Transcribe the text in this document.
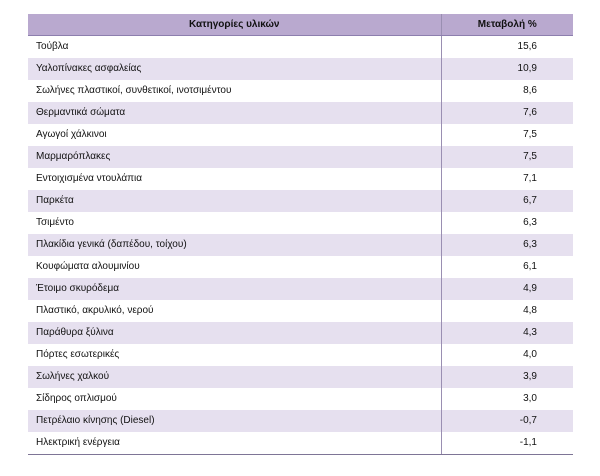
Κατηγορίες υλικών	Μεταβολή %
Τούβλα	15,6
Υαλοπίνακες ασφαλείας	10,9
Σωλήνες πλαστικοί, συνθετικοί, ινοτσιμέντου	8,6
Θερμαντικά σώματα	7,6
Αγωγοί χάλκινοι	7,5
Μαρμαρόπλακες	7,5
Εντοιχισμένα ντουλάπια	7,1
Παρκέτα	6,7
Τσιμέντο	6,3
Πλακίδια γενικά (δαπέδου, τοίχου)	6,3
Κουφώματα αλουμινίου	6,1
Έτοιμο σκυρόδεμα	4,9
Πλαστικό, ακρυλικό, νερού	4,8
Παράθυρα ξύλινα	4,3
Πόρτες εσωτερικές	4,0
Σωλήνες χαλκού	3,9
Σίδηρος οπλισμού	3,0
Πετρέλαιο κίνησης (Diesel)	-0,7
Ηλεκτρική ενέργεια	-1,1
